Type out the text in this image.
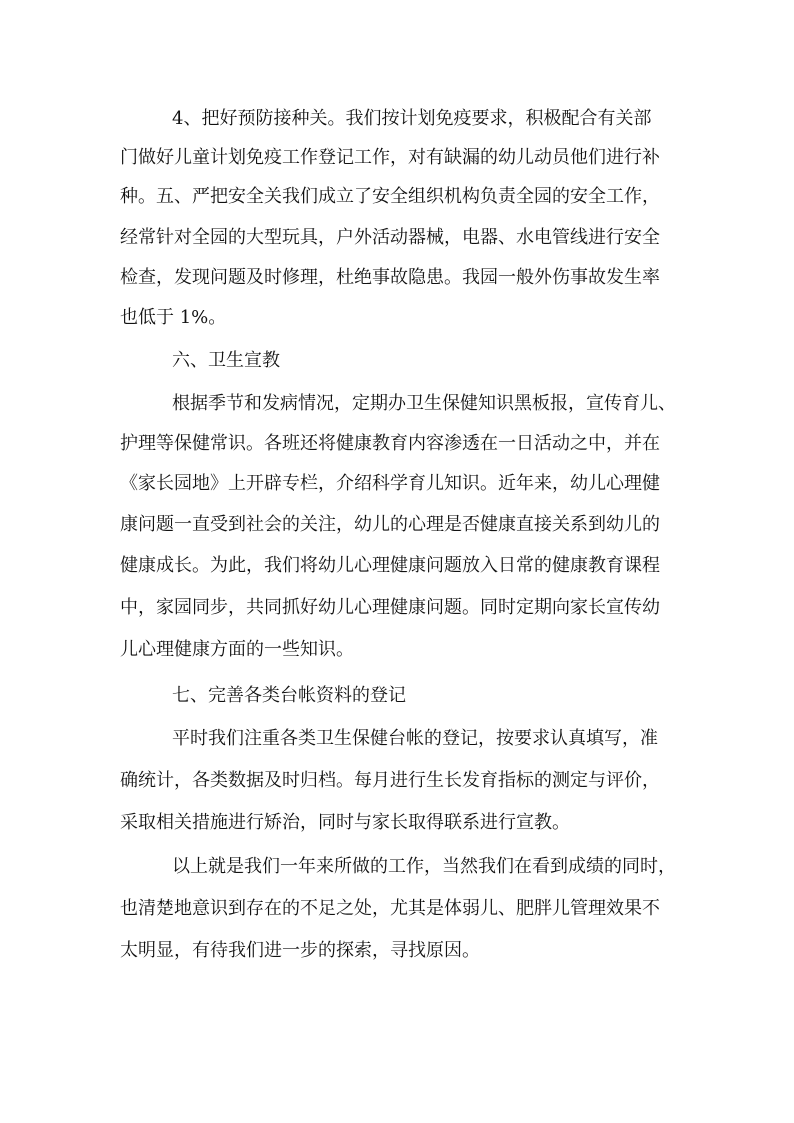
4、把好预防接种关。我们按计划免疫要求，积极配合有关部
门做好儿童计划免疫工作登记工作，对有缺漏的幼儿动员他们进行补
种。五、严把安全关我们成立了安全组织机构负责全园的安全工作，
经常针对全园的大型玩具，户外活动器械，电器、水电管线进行安全
检查，发现问题及时修理，杜绝事故隐患。我园一般外伤事故发生率
也低于 1%。
六、卫生宣教
根据季节和发病情况，定期办卫生保健知识黑板报，宣传育儿、
护理等保健常识。各班还将健康教育内容渗透在一日活动之中，并在
《家长园地》上开辟专栏，介绍科学育儿知识。近年来，幼儿心理健
康问题一直受到社会的关注，幼儿的心理是否健康直接关系到幼儿的
健康成长。为此，我们将幼儿心理健康问题放入日常的健康教育课程
中，家园同步，共同抓好幼儿心理健康问题。同时定期向家长宣传幼
儿心理健康方面的一些知识。
七、完善各类台帐资料的登记
平时我们注重各类卫生保健台帐的登记，按要求认真填写，准
确统计，各类数据及时归档。每月进行生长发育指标的测定与评价，
采取相关措施进行矫治，同时与家长取得联系进行宣教。
以上就是我们一年来所做的工作，当然我们在看到成绩的同时，
也清楚地意识到存在的不足之处，尤其是体弱儿、肥胖儿管理效果不
太明显，有待我们进一步的探索，寻找原因。
